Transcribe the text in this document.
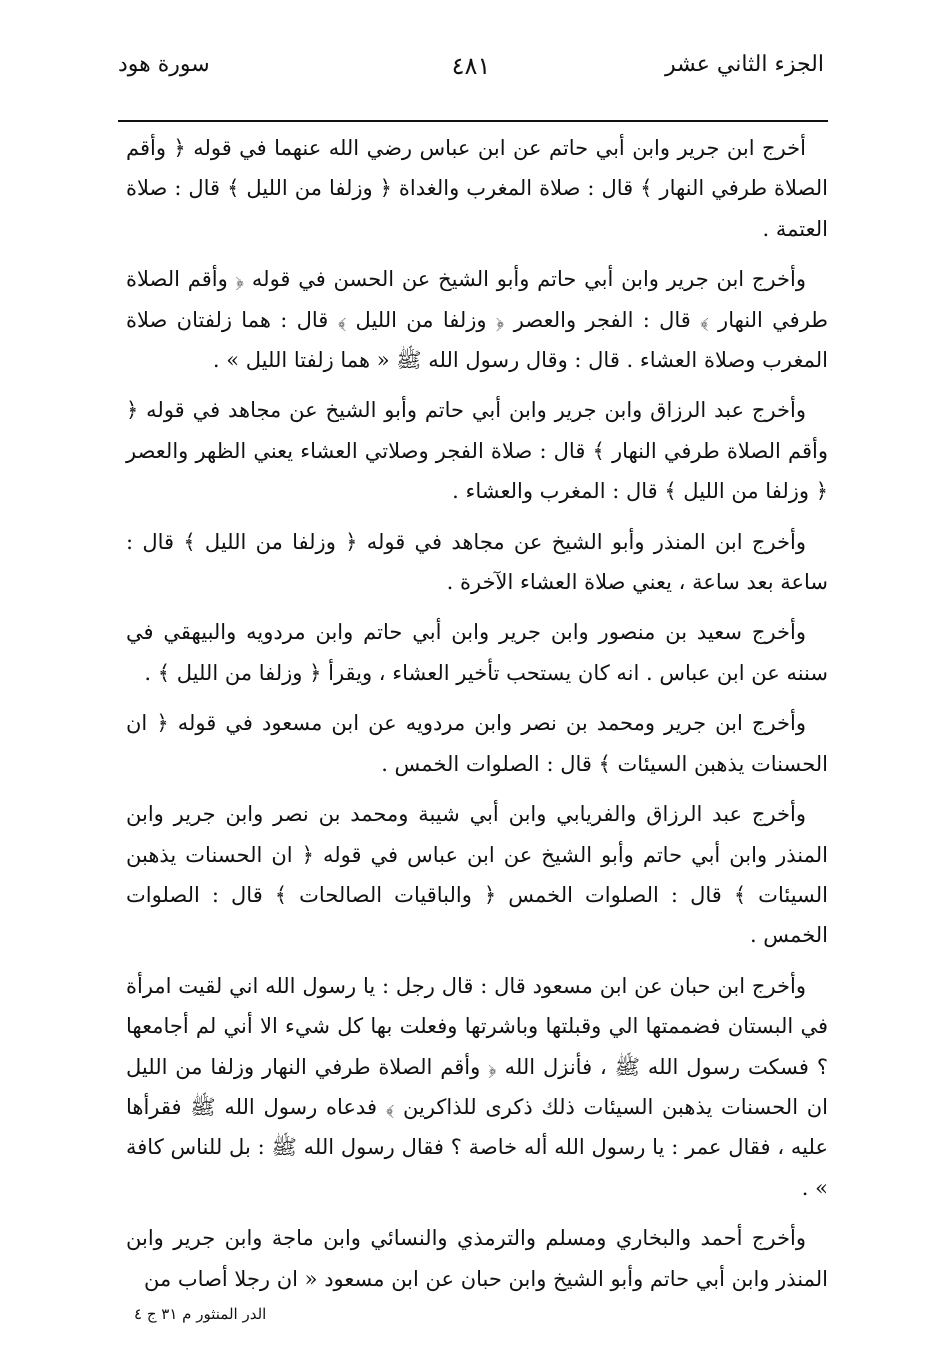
الجزء الثاني عشر
٤٨١
سورة هود

أخرج ابن جرير وابن أبي حاتم عن ابن عباس رضي الله عنهما في قوله ﴿ وأقم الصلاة طرفي النهار ﴾ قال : صلاة المغرب والغداة ﴿ وزلفا من الليل ﴾ قال : صلاة العتمة .

وأخرج ابن جرير وابن أبي حاتم وأبو الشيخ عن الحسن في قوله ﴿ وأقم الصلاة طرفي النهار ﴾ قال : الفجر والعصر ﴿ وزلفا من الليل ﴾ قال : هما زلفتان صلاة المغرب وصلاة العشاء . قال : وقال رسول الله ﷺ « هما زلفتا الليل » .

وأخرج عبد الرزاق وابن جرير وابن أبي حاتم وأبو الشيخ عن مجاهد في قوله ﴿ وأقم الصلاة طرفي النهار ﴾ قال : صلاة الفجر وصلاتي العشاء يعني الظهر والعصر ﴿ وزلفا من الليل ﴾ قال : المغرب والعشاء .

وأخرج ابن المنذر وأبو الشيخ عن مجاهد في قوله ﴿ وزلفا من الليل ﴾ قال : ساعة بعد ساعة ، يعني صلاة العشاء الآخرة .

وأخرج سعيد بن منصور وابن جرير وابن أبي حاتم وابن مردويه والبيهقي في سننه عن ابن عباس . انه كان يستحب تأخير العشاء ، ويقرأ ﴿ وزلفا من الليل ﴾ .

وأخرج ابن جرير ومحمد بن نصر وابن مردويه عن ابن مسعود في قوله ﴿ ان الحسنات يذهبن السيئات ﴾ قال : الصلوات الخمس .

وأخرج عبد الرزاق والفريابي وابن أبي شيبة ومحمد بن نصر وابن جرير وابن المنذر وابن أبي حاتم وأبو الشيخ عن ابن عباس في قوله ﴿ ان الحسنات يذهبن السيئات ﴾ قال : الصلوات الخمس ﴿ والباقيات الصالحات ﴾ قال : الصلوات الخمس .

وأخرج ابن حبان عن ابن مسعود قال : قال رجل : يا رسول الله اني لقيت امرأة في البستان فضممتها الي وقبلتها وباشرتها وفعلت بها كل شيء الا أني لم أجامعها ؟ فسكت رسول الله ﷺ ، فأنزل الله ﴿ وأقم الصلاة طرفي النهار وزلفا من الليل ان الحسنات يذهبن السيئات ذلك ذكرى للذاكرين ﴾ فدعاه رسول الله ﷺ فقرأها عليه ، فقال عمر : يا رسول الله أله خاصة ؟ فقال رسول الله ﷺ : بل للناس كافة » .

وأخرج أحمد والبخاري ومسلم والترمذي والنسائي وابن ماجة وابن جرير وابن المنذر وابن أبي حاتم وأبو الشيخ وابن حبان عن ابن مسعود « ان رجلا أصاب من

الدر المنثور م ٣١ ج ٤
